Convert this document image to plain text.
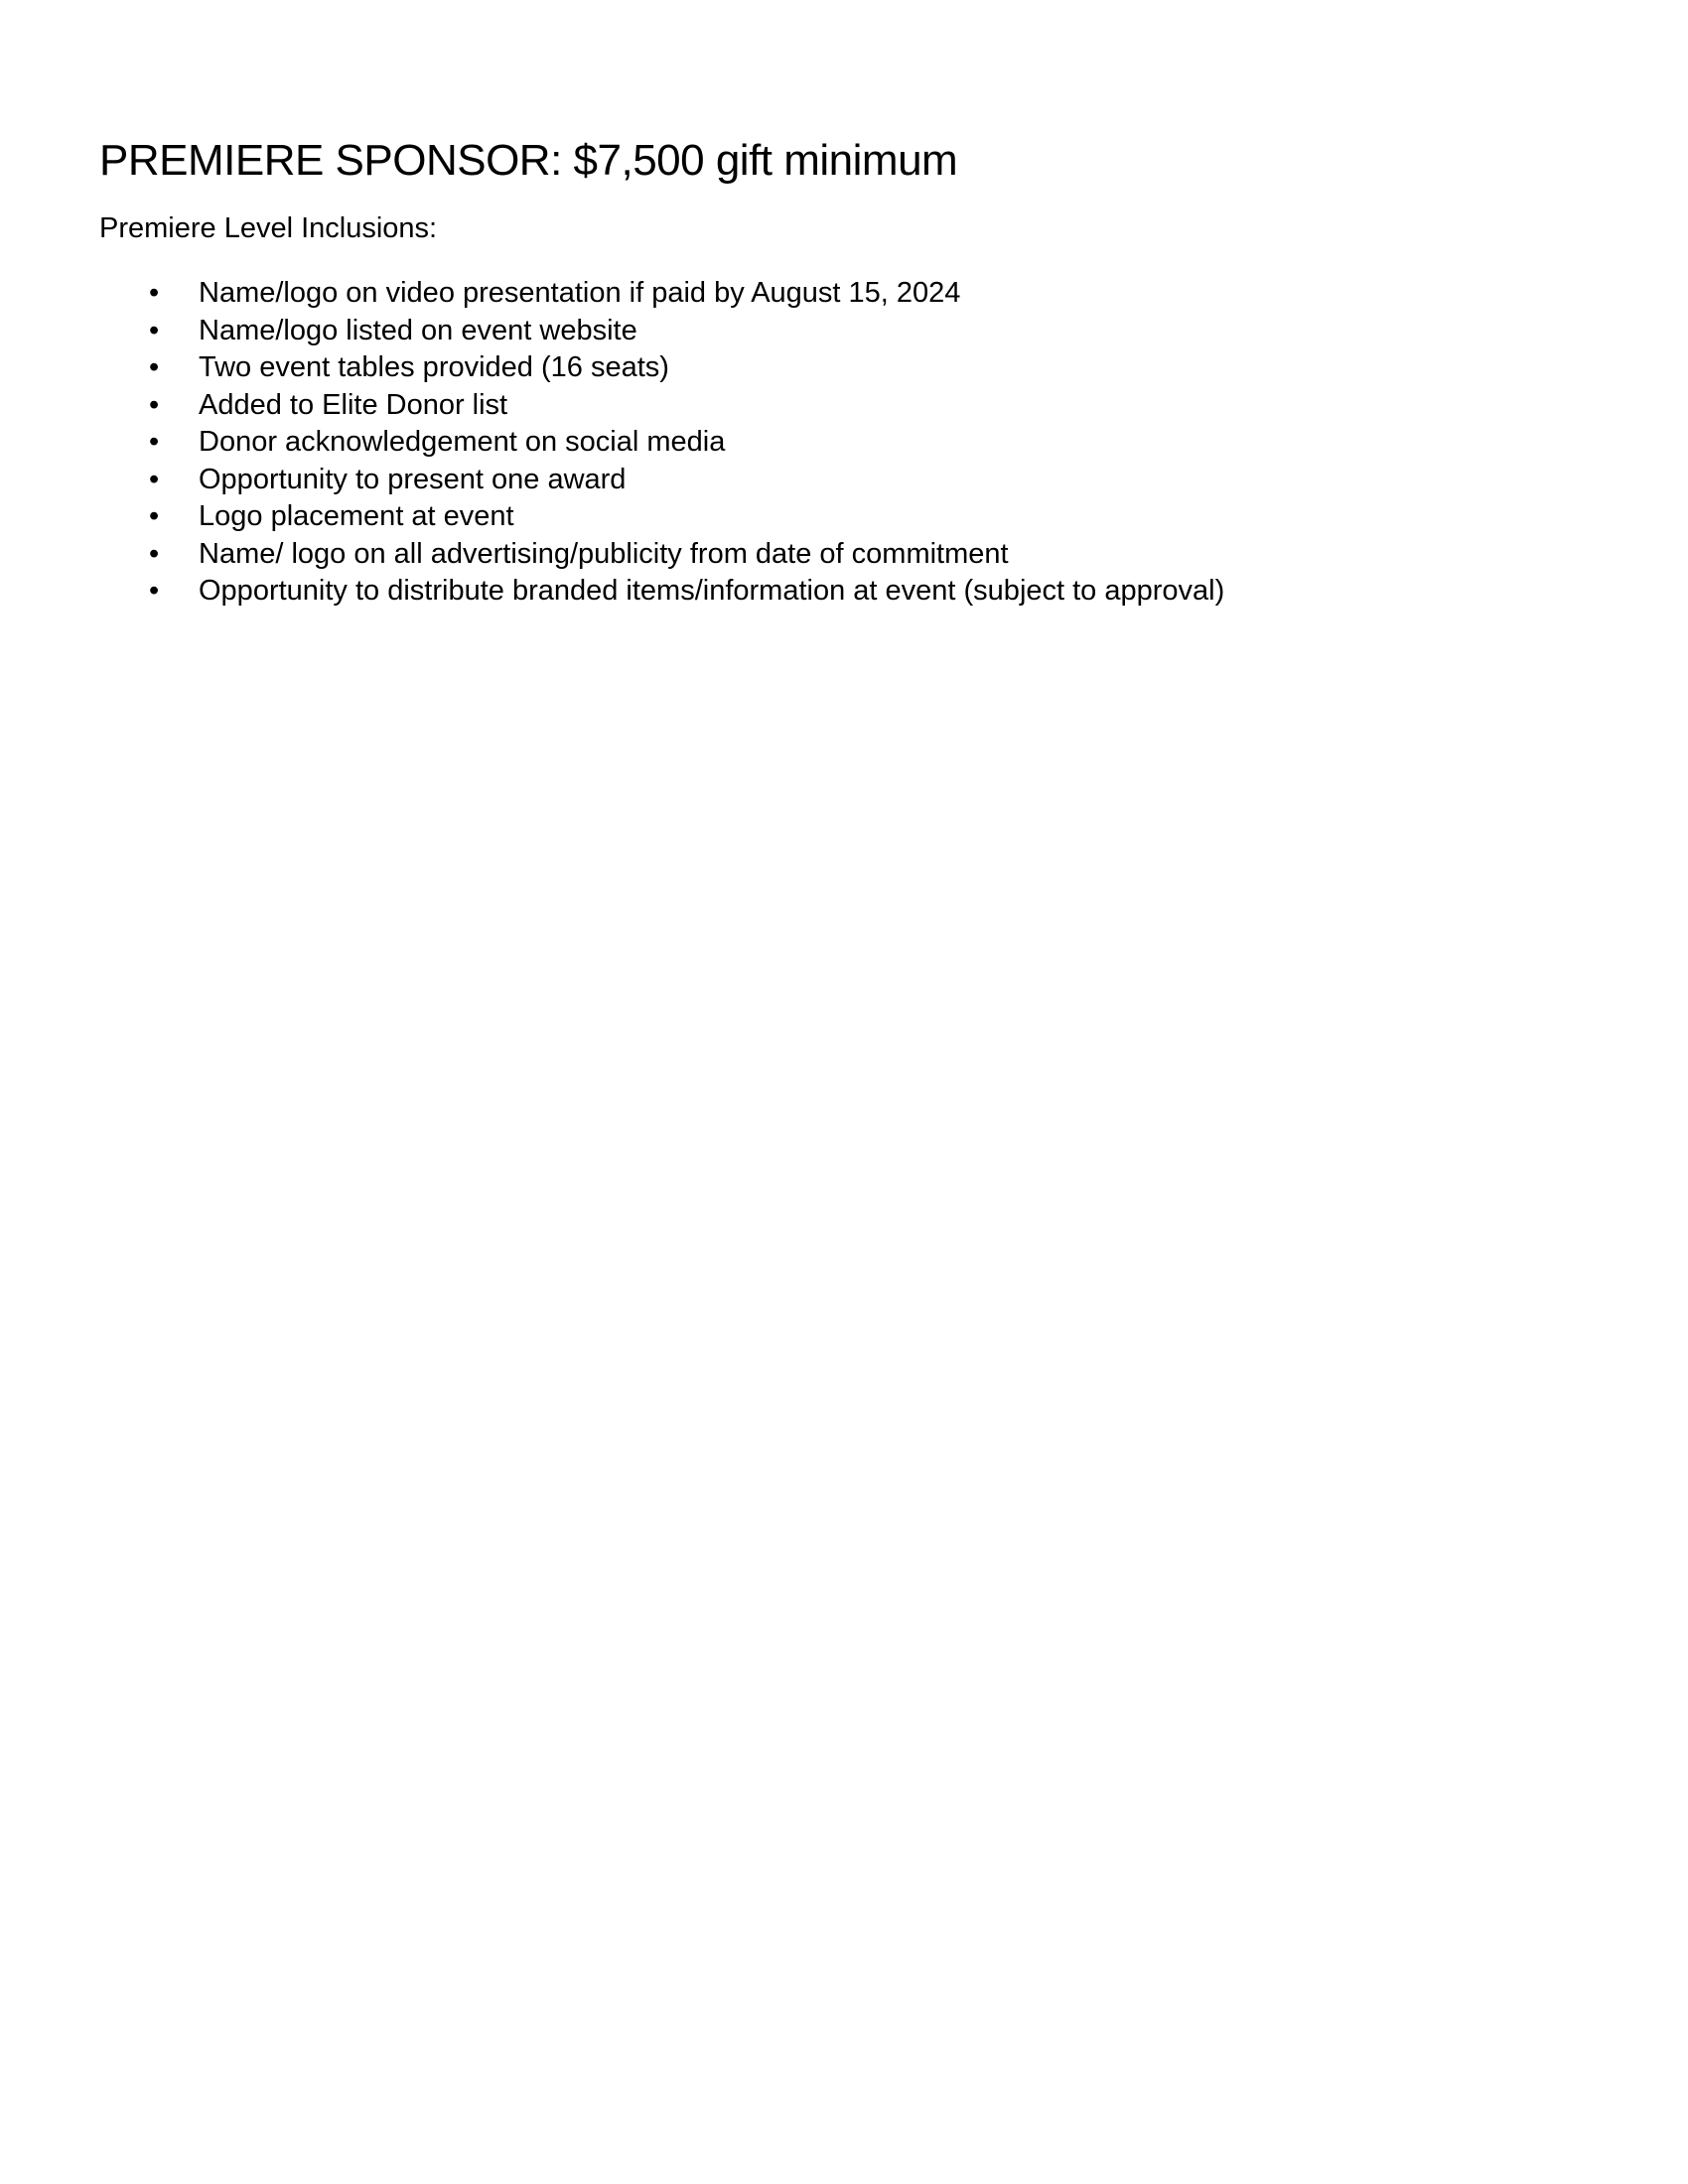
PREMIERE SPONSOR: $7,500 gift minimum

Premiere Level Inclusions:

•	Name/logo on video presentation if paid by August 15, 2024
•	Name/logo listed on event website
•	Two event tables provided (16 seats)
•	Added to Elite Donor list
•	Donor acknowledgement on social media
•	Opportunity to present one award
•	Logo placement at event
•	Name/ logo on all advertising/publicity from date of commitment
•	Opportunity to distribute branded items/information at event (subject to approval)
